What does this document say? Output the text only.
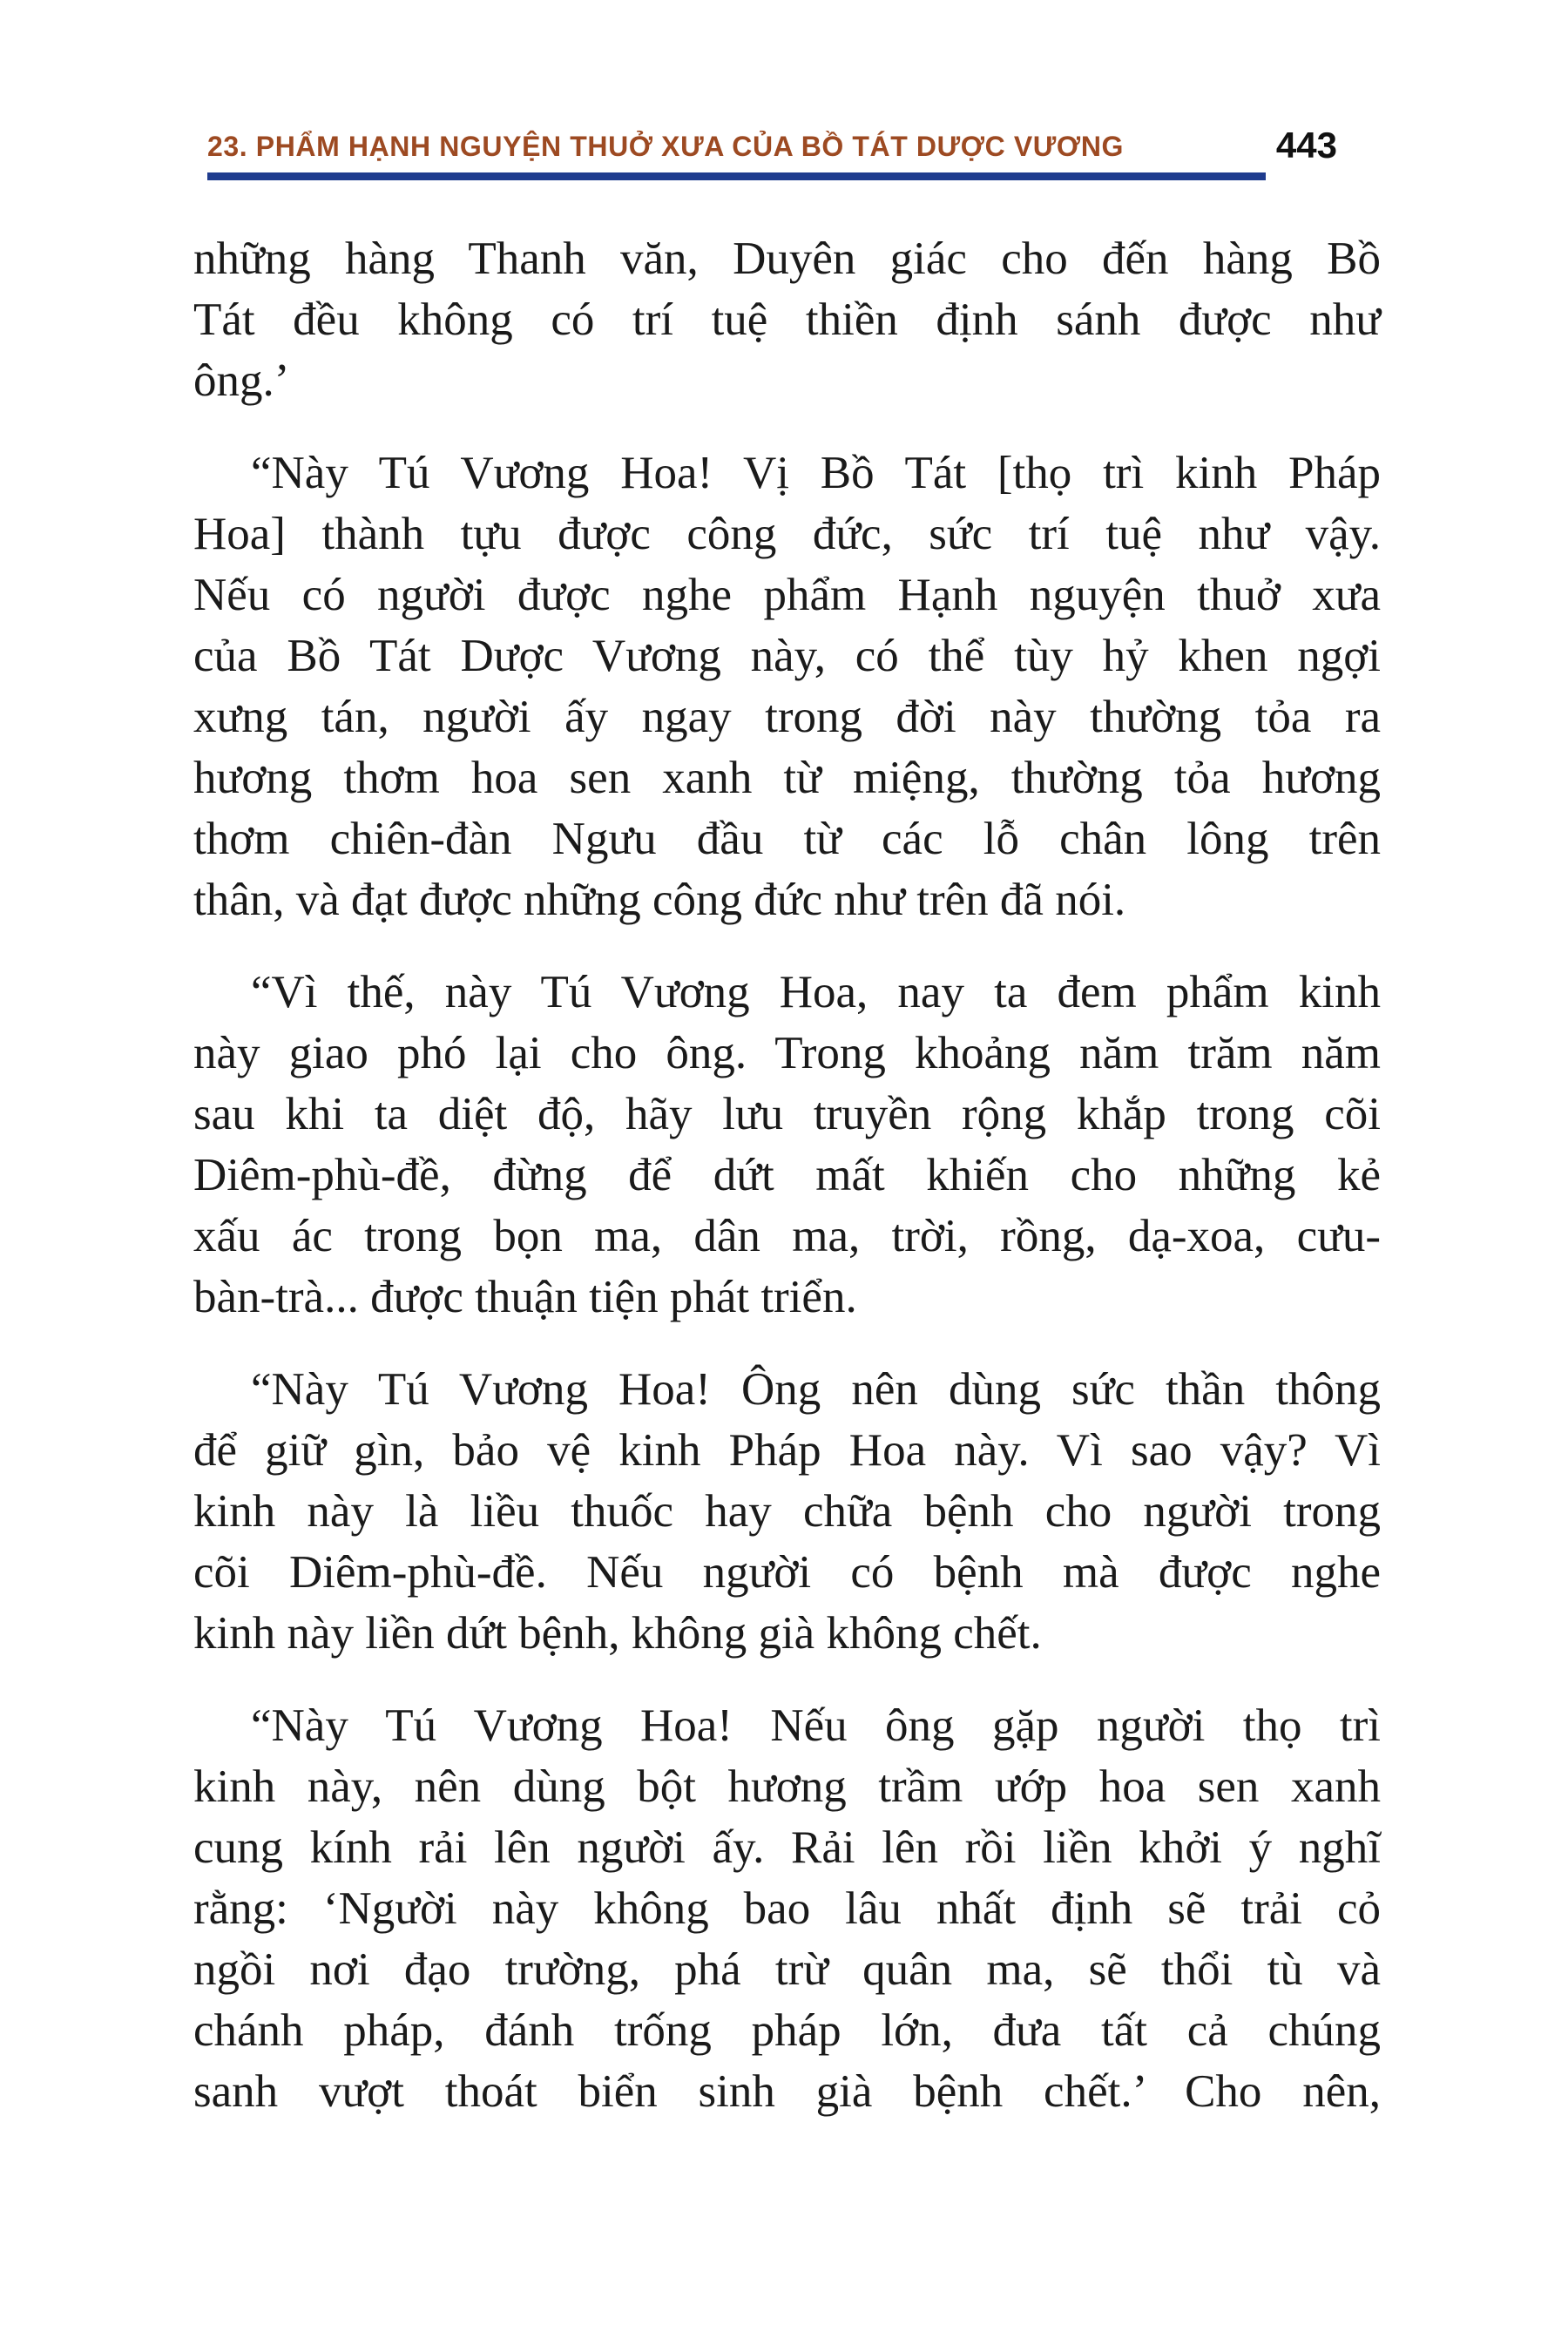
23. PHẨM HẠNH NGUYỆN THUỞ XƯA CỦA BỒ TÁT DƯỢC VƯƠNG	443
những hàng Thanh văn, Duyên giác cho đến hàng Bồ
Tát đều không có trí tuệ thiền định sánh được như
ông.’
“Này Tú Vương Hoa! Vị Bồ Tát [thọ trì kinh Pháp
Hoa] thành tựu được công đức, sức trí tuệ như vậy.
Nếu có người được nghe phẩm Hạnh nguyện thuở xưa
của Bồ Tát Dược Vương này, có thể tùy hỷ khen ngợi
xưng tán, người ấy ngay trong đời này thường tỏa ra
hương thơm hoa sen xanh từ miệng, thường tỏa hương
thơm chiên-đàn Ngưu đầu từ các lỗ chân lông trên
thân, và đạt được những công đức như trên đã nói.
“Vì thế, này Tú Vương Hoa, nay ta đem phẩm kinh
này giao phó lại cho ông. Trong khoảng năm trăm năm
sau khi ta diệt độ, hãy lưu truyền rộng khắp trong cõi
Diêm-phù-đề, đừng để dứt mất khiến cho những kẻ
xấu ác trong bọn ma, dân ma, trời, rồng, dạ-xoa, cưu-
bàn-trà... được thuận tiện phát triển.
“Này Tú Vương Hoa! Ông nên dùng sức thần thông
để giữ gìn, bảo vệ kinh Pháp Hoa này. Vì sao vậy? Vì
kinh này là liều thuốc hay chữa bệnh cho người trong
cõi Diêm-phù-đề. Nếu người có bệnh mà được nghe
kinh này liền dứt bệnh, không già không chết.
“Này Tú Vương Hoa! Nếu ông gặp người thọ trì
kinh này, nên dùng bột hương trầm ướp hoa sen xanh
cung kính rải lên người ấy. Rải lên rồi liền khởi ý nghĩ
rằng: ‘Người này không bao lâu nhất định sẽ trải cỏ
ngồi nơi đạo trường, phá trừ quân ma, sẽ thổi tù và
chánh pháp, đánh trống pháp lớn, đưa tất cả chúng
sanh vượt thoát biển sinh già bệnh chết.’ Cho nên,
